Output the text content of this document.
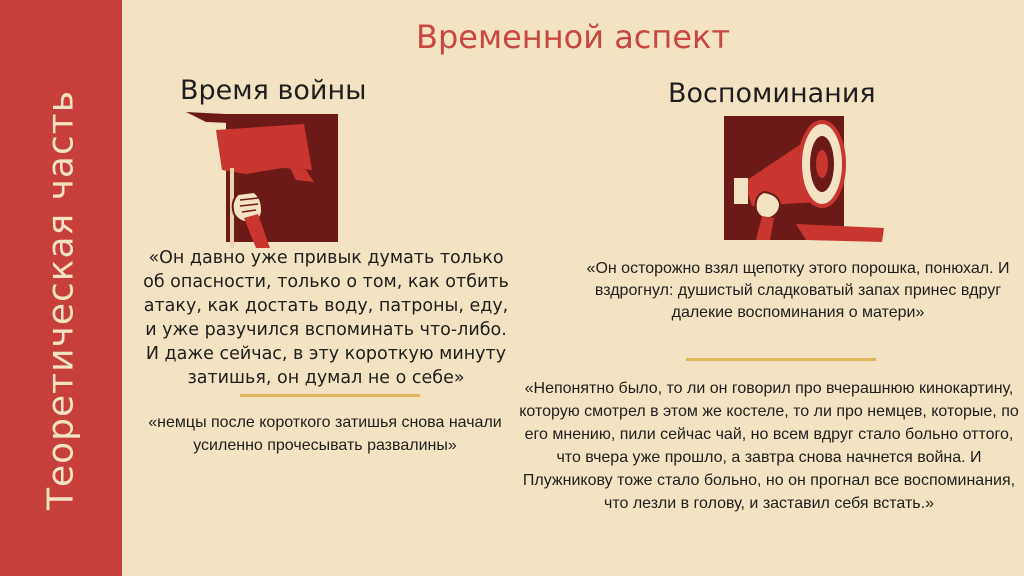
Теоретическая часть
Временной аспект
Время войны	Воспоминания
«Он давно уже привык думать только об опасности, только о том, как отбить атаку, как достать воду, патроны, еду, и уже разучился вспоминать что-либо. И даже сейчас, в эту короткую минуту затишья, он думал не о себе»
«немцы после короткого затишья снова начали усиленно прочесывать развалины»
«Он осторожно взял щепотку этого порошка, понюхал. И вздрогнул: душистый сладковатый запах принес вдруг далекие воспоминания о матери»
«Непонятно было, то ли он говорил про вчерашнюю кинокартину, которую смотрел в этом же костеле, то ли про немцев, которые, по его мнению, пили сейчас чай, но всем вдруг стало больно оттого, что вчера уже прошло, а завтра снова начнется война. И Плужникову тоже стало больно, но он прогнал все воспоминания, что лезли в голову, и заставил себя встать.»
